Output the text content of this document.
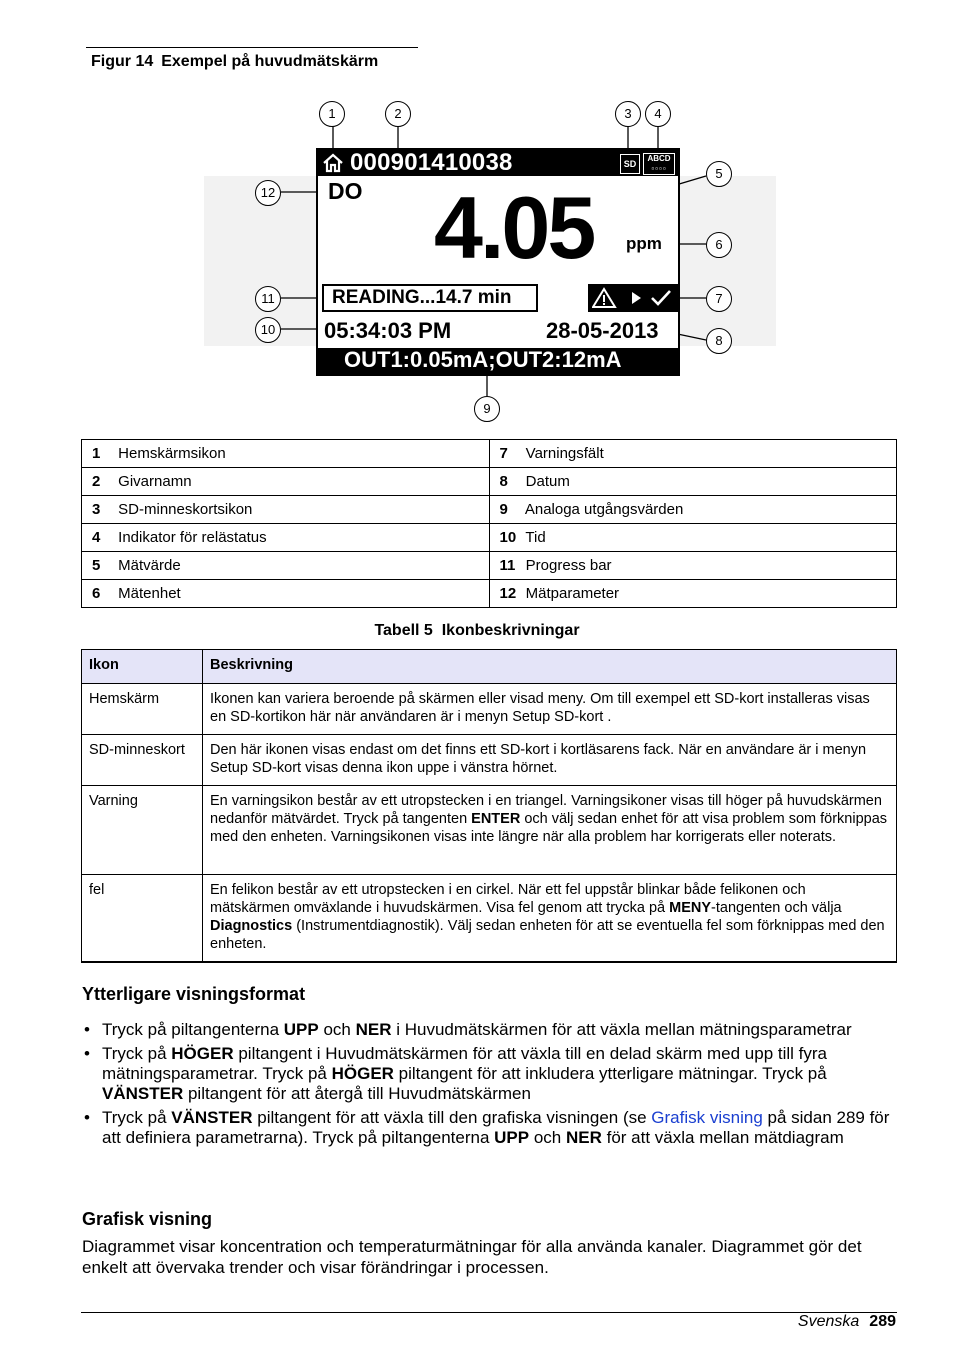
Figur 14 Exempel på huvudmätskärm
000901410038	SD
ABCD
▫▫▫▫
DO 4.05 ppm
READING...14.7 min
05:34:03 PM	28-05-2013
OUT1:0.05mA;OUT2:12mA
1	2	3	4
5
6
7
8
9
10
11
12
1 Hemskärmsikon	7 Varningsfält
2 Givarnamn	8 Datum
3 SD-minneskortsikon	9 Analoga utgångsvärden
4 Indikator för relästatus	10 Tid
5 Mätvärde	11 Progress bar
6 Mätenhet	12 Mätparameter
Tabell 5 Ikonbeskrivningar
Ikon	Beskrivning
Hemskärm	Ikonen kan variera beroende på skärmen eller visad meny. Om till exempel ett SD-kort installeras visas en SD-kortikon här när användaren är i menyn Setup SD-kort .
SD-minneskort	Den här ikonen visas endast om det finns ett SD-kort i kortläsarens fack. När en användare är i menyn Setup SD-kort visas denna ikon uppe i vänstra hörnet.
Varning	En varningsikon består av ett utropstecken i en triangel. Varningsikoner visas till höger på huvudskärmen nedanför mätvärdet. Tryck på tangenten ENTER och välj sedan enhet för att visa problem som förknippas med den enheten. Varningsikonen visas inte längre när alla problem har korrigerats eller noterats.
fel	En felikon består av ett utropstecken i en cirkel. När ett fel uppstår blinkar både felikonen och mätskärmen omväxlande i huvudskärmen. Visa fel genom att trycka på MENY-tangenten och välja Diagnostics (Instrumentdiagnostik). Välj sedan enheten för att se eventuella fel som förknippas med den enheten.
Ytterligare visningsformat
• Tryck på piltangenterna UPP och NER i Huvudmätskärmen för att växla mellan mätningsparametrar
• Tryck på HÖGER piltangent i Huvudmätskärmen för att växla till en delad skärm med upp till fyra mätningsparametrar. Tryck på HÖGER piltangent för att inkludera ytterligare mätningar. Tryck på VÄNSTER piltangent för att återgå till Huvudmätskärmen
• Tryck på VÄNSTER piltangent för att växla till den grafiska visningen (se Grafisk visning på sidan 289 för att definiera parametrarna). Tryck på piltangenterna UPP och NER för att växla mellan mätdiagram
Grafisk visning

Diagrammet visar koncentration och temperaturmätningar för alla använda kanaler. Diagrammet gör det enkelt att övervaka trender och visar förändringar i processen.

Svenska 289
